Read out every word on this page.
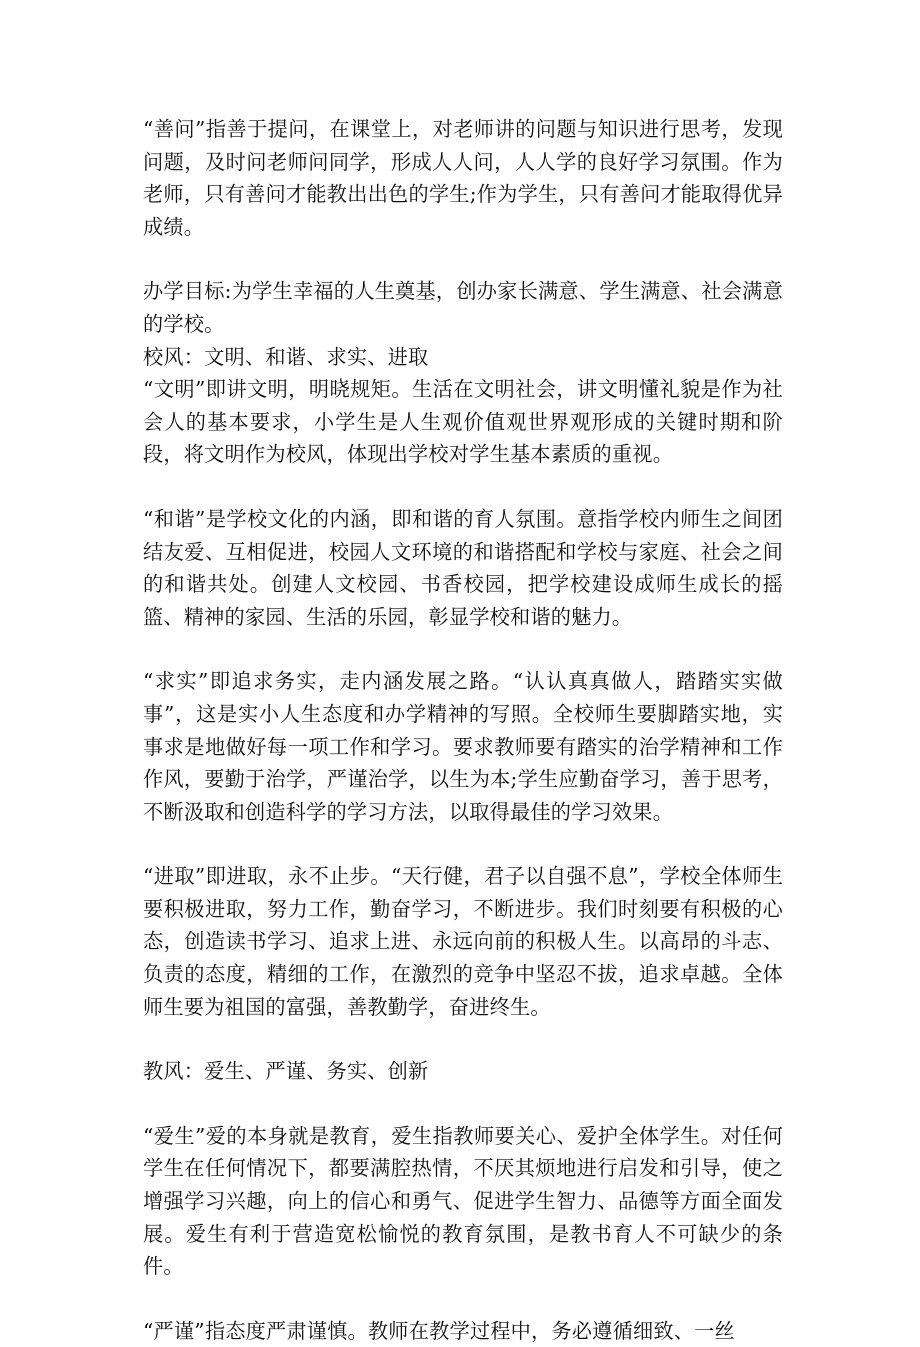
“善问”指善于提问，在课堂上，对老师讲的问题与知识进行思考，发现问题，及时问老师问同学，形成人人问，人人学的良好学习氛围。作为老师，只有善问才能教出出色的学生;作为学生，只有善问才能取得优异成绩。

办学目标:为学生幸福的人生奠基，创办家长满意、学生满意、社会满意的学校。

校风：文明、和谐、求实、进取

“文明”即讲文明，明晓规矩。生活在文明社会，讲文明懂礼貌是作为社会人的基本要求，小学生是人生观价值观世界观形成的关键时期和阶段，将文明作为校风，体现出学校对学生基本素质的重视。

“和谐”是学校文化的内涵，即和谐的育人氛围。意指学校内师生之间团结友爱、互相促进，校园人文环境的和谐搭配和学校与家庭、社会之间的和谐共处。创建人文校园、书香校园，把学校建设成师生成长的摇篮、精神的家园、生活的乐园，彰显学校和谐的魅力。

“求实”即追求务实，走内涵发展之路。“认认真真做人，踏踏实实做事”，这是实小人生态度和办学精神的写照。全校师生要脚踏实地，实事求是地做好每一项工作和学习。要求教师要有踏实的治学精神和工作作风，要勤于治学，严谨治学，以生为本;学生应勤奋学习，善于思考，不断汲取和创造科学的学习方法，以取得最佳的学习效果。

“进取”即进取，永不止步。“天行健，君子以自强不息”，学校全体师生要积极进取，努力工作，勤奋学习，不断进步。我们时刻要有积极的心态，创造读书学习、追求上进、永远向前的积极人生。以高昂的斗志、负责的态度，精细的工作，在激烈的竞争中坚忍不拔，追求卓越。全体师生要为祖国的富强，善教勤学，奋进终生。

教风：爱生、严谨、务实、创新

“爱生”爱的本身就是教育，爱生指教师要关心、爱护全体学生。对任何学生在任何情况下，都要满腔热情，不厌其烦地进行启发和引导，使之增强学习兴趣，向上的信心和勇气、促进学生智力、品德等方面全面发展。爱生有利于营造宽松愉悦的教育氛围，是教书育人不可缺少的条件。

“严谨”指态度严肃谨慎。教师在教学过程中，务必遵循细致、一丝
